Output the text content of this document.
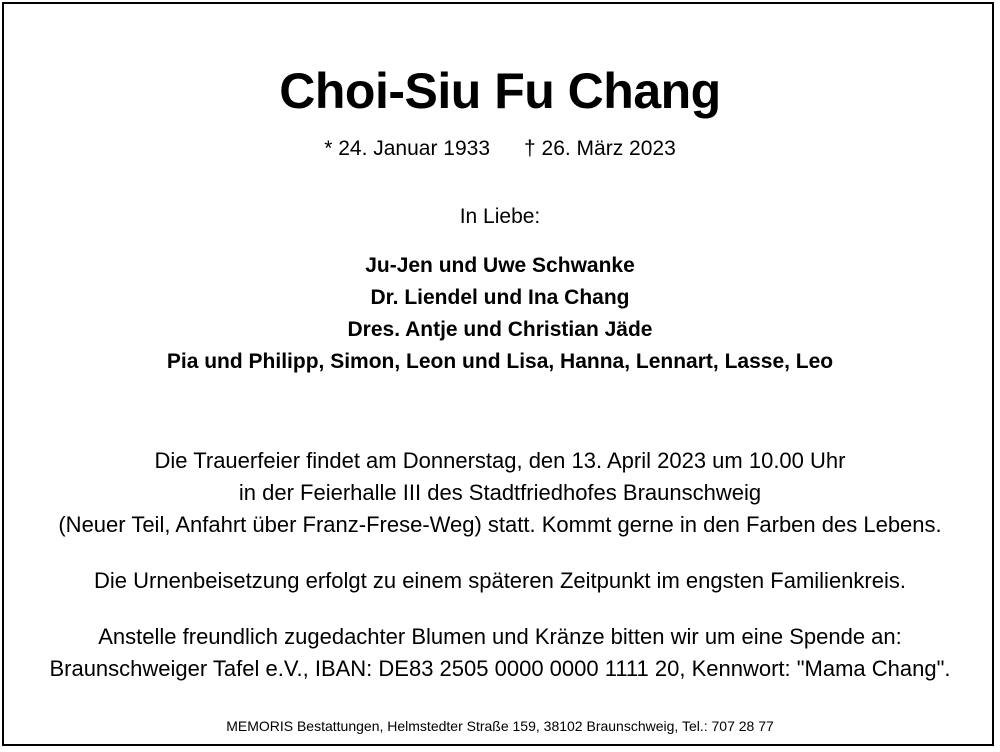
Choi-Siu Fu Chang
* 24. Januar 1933 † 26. März 2023
In Liebe:
Ju-Jen und Uwe Schwanke
Dr. Liendel und Ina Chang
Dres. Antje und Christian Jäde
Pia und Philipp, Simon, Leon und Lisa, Hanna, Lennart, Lasse, Leo
Die Trauerfeier findet am Donnerstag, den 13. April 2023 um 10.00 Uhr
in der Feierhalle III des Stadtfriedhofes Braunschweig
(Neuer Teil, Anfahrt über Franz-Frese-Weg) statt. Kommt gerne in den Farben des Lebens.
Die Urnenbeisetzung erfolgt zu einem späteren Zeitpunkt im engsten Familienkreis.
Anstelle freundlich zugedachter Blumen und Kränze bitten wir um eine Spende an:
Braunschweiger Tafel e.V., IBAN: DE83 2505 0000 0000 1111 20, Kennwort: "Mama Chang".
MEMORIS Bestattungen, Helmstedter Straße 159, 38102 Braunschweig, Tel.: 707 28 77
